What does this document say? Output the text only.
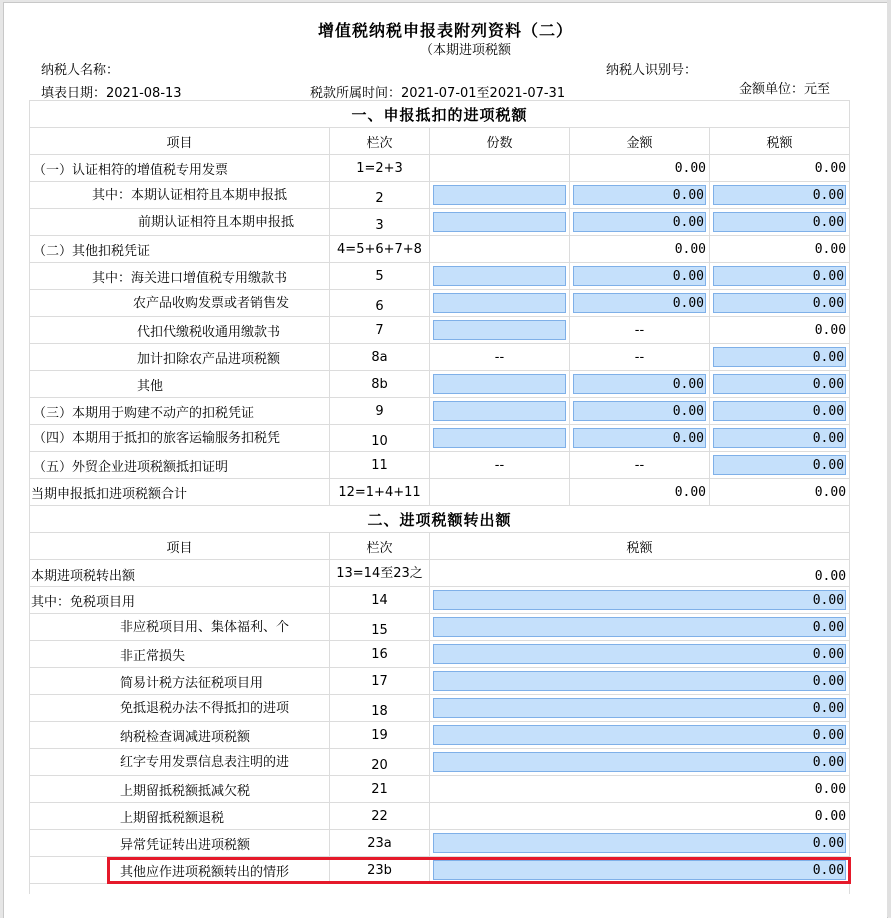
增值税纳税申报表附列资料（二）
（本期进项税额
纳税人名称：	纳税人识别号：
填表日期：2021-08-13	税款所属时间：2021-07-01至2021-07-31	金额单位：元至
一、申报抵扣的进项税额				
项目	栏次	份数	金额	税额
（一）认证相符的增值税专用发票	1=2+3		0.00	0.00
其中：本期认证相符且本期申报抵	2		0.00	0.00

前期认证相符且本期申报抵	3		0.00	0.00

（二）其他扣税凭证	4=5+6+7+8		0.00	0.00
其中：海关进口增值税专用缴款书	5		0.00	0.00

农产品收购发票或者销售发	6		0.00	0.00

代扣代缴税收通用缴款书	7		--	0.00
加计扣除农产品进项税额	8a	--	--	0.00

其他	8b		0.00	0.00

（三）本期用于购建不动产的扣税凭证	9		0.00	0.00

（四）本期用于抵扣的旅客运输服务扣税凭	10		0.00	0.00

（五）外贸企业进项税额抵扣证明	11	--	--	0.00

当期申报抵扣进项税额合计	12=1+4+11		0.00	0.00
二、进项税额转出额				
项目	栏次	税额		
本期进项税转出额	13=14至23之	0.00		
其中：免税项目用	14	0.00		

非应税项目用、集体福利、个	15	0.00		

非正常损失	16	0.00		

简易计税方法征税项目用	17	0.00		

免抵退税办法不得抵扣的进项	18	0.00		

纳税检查调减进项税额	19	0.00		

红字专用发票信息表注明的进	20	0.00		

上期留抵税额抵减欠税	21	0.00		
上期留抵税额退税	22	0.00		
异常凭证转出进项税额	23a	0.00		

其他应作进项税额转出的情形	23b	0.00		
